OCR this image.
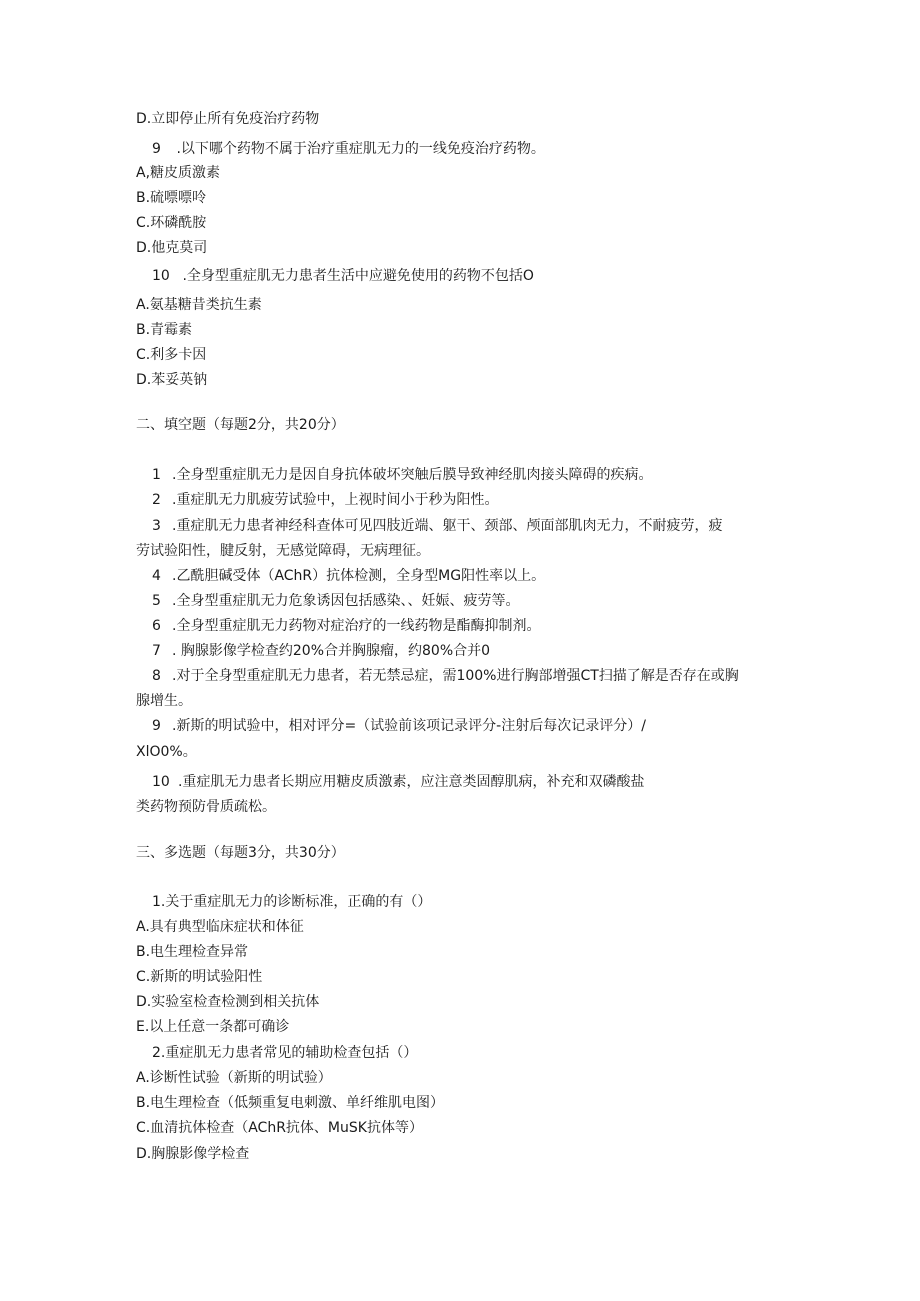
D.立即停止所有免疫治疗药物
9 .以下哪个药物不属于治疗重症肌无力的一线免疫治疗药物。
A,糖皮质激素
B.硫嘌嘌呤
C.环磷酰胺
D.他克莫司
10 .全身型重症肌无力患者生活中应避免使用的药物不包括O
A.氨基糖昔类抗生素
B.青霉素
C.利多卡因
D.苯妥英钠
二、填空题（每题2分，共20分）
1 .全身型重症肌无力是因自身抗体破坏突触后膜导致神经肌肉接头障碍的疾病。
2 .重症肌无力肌疲劳试验中，上视时间小于秒为阳性。
3 .重症肌无力患者神经科查体可见四肢近端、躯干、颈部、颅面部肌肉无力，不耐疲劳，疲
劳试验阳性，腱反射，无感觉障碍，无病理征。
4 .乙酰胆碱受体（AChR）抗体检测，全身型MG阳性率以上。
5 .全身型重症肌无力危象诱因包括感染、、妊娠、疲劳等。
6 .全身型重症肌无力药物对症治疗的一线药物是酯酶抑制剂。
7 . 胸腺影像学检查约20%合并胸腺瘤，约80%合并0
8 .对于全身型重症肌无力患者，若无禁忌症，需100%进行胸部增强CT扫描了解是否存在或胸
腺增生。
9 .新斯的明试验中，相对评分=（试验前该项记录评分-注射后每次记录评分）/
XlO0%。
10 .重症肌无力患者长期应用糖皮质激素，应注意类固醇肌病，补充和双磷酸盐
类药物预防骨质疏松。
三、多选题（每题3分，共30分）
1.关于重症肌无力的诊断标准，正确的有（）
A.具有典型临床症状和体征
B.电生理检查异常
C.新斯的明试验阳性
D.实验室检查检测到相关抗体
E.以上任意一条都可确诊
2.重症肌无力患者常见的辅助检查包括（）
A.诊断性试验（新斯的明试验）
B.电生理检查（低频重复电刺激、单纤维肌电图）
C.血清抗体检查（AChR抗体、MuSK抗体等）
D.胸腺影像学检查
